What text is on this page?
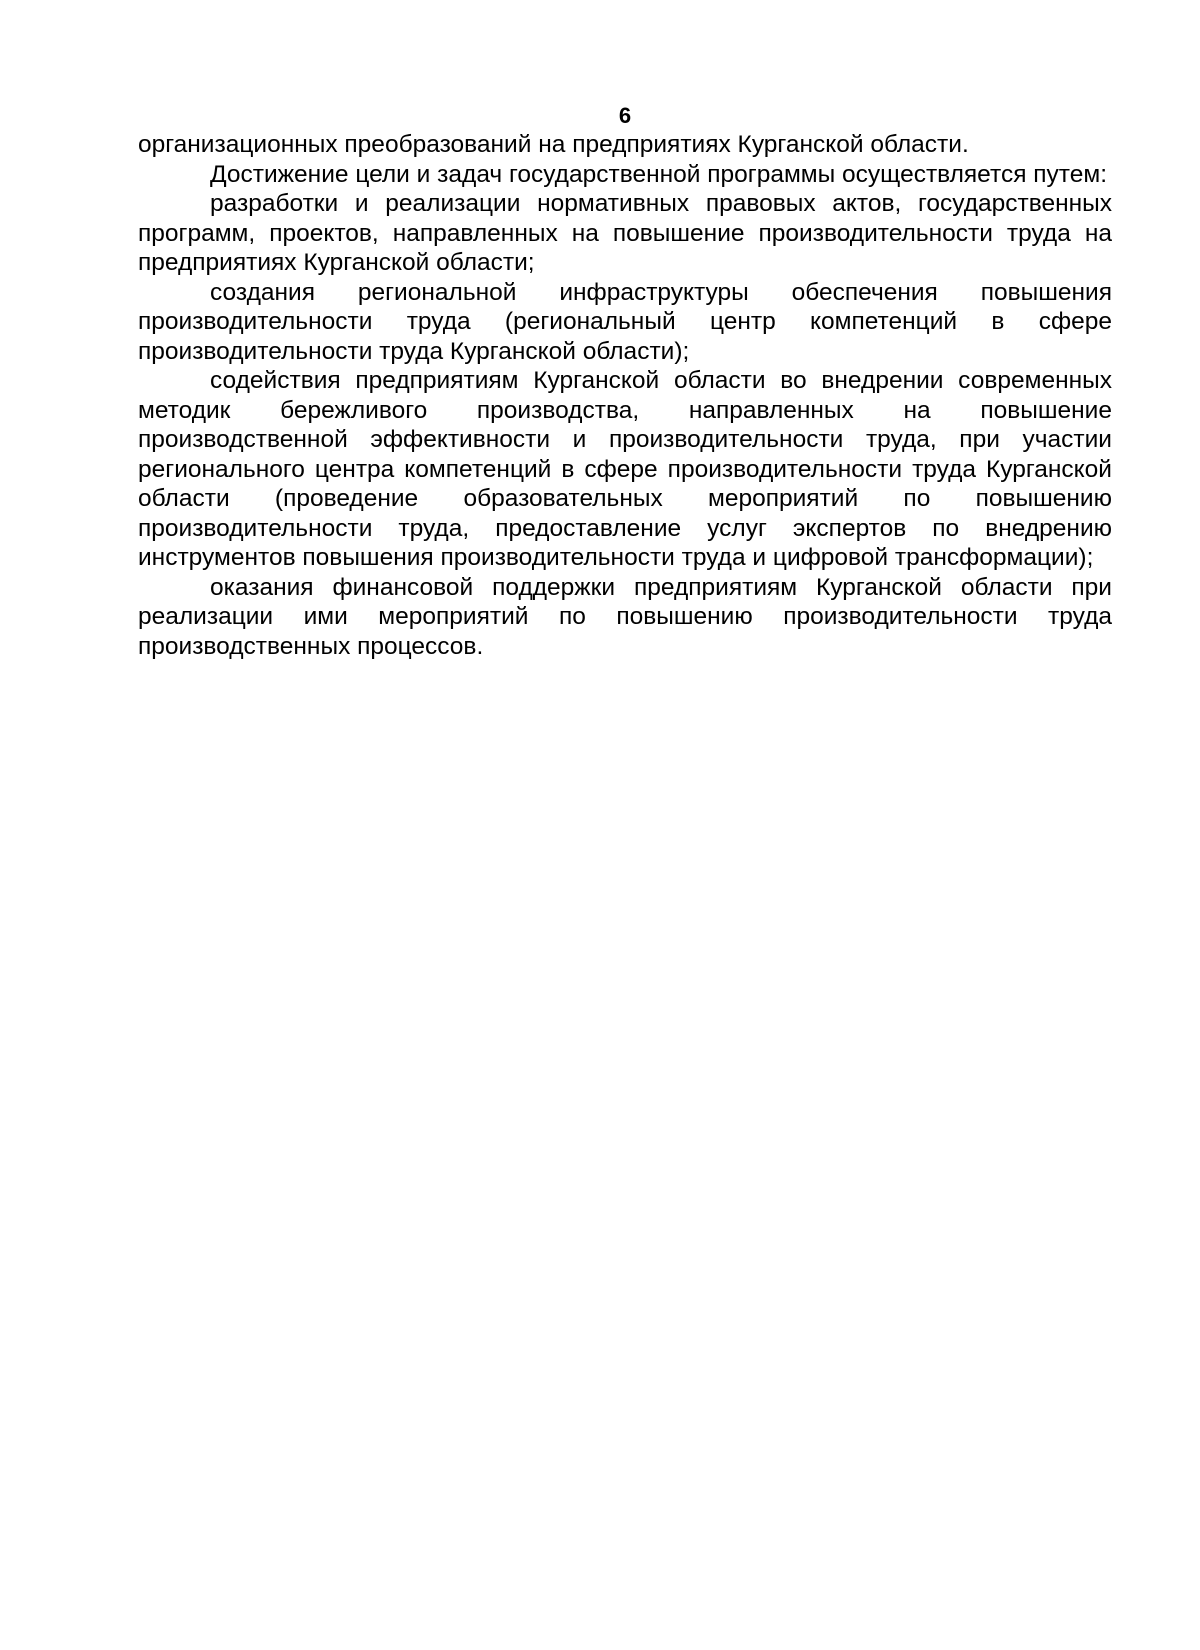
6

организационных преобразований на предприятиях Курганской области.

Достижение цели и задач государственной программы осуществляется путем:

разработки и реализации нормативных правовых актов, государственных программ, проектов, направленных на повышение производительности труда на предприятиях Курганской области;

создания региональной инфраструктуры обеспечения повышения производительности труда (региональный центр компетенций в сфере производительности труда Курганской области);

содействия предприятиям Курганской области во внедрении современных методик бережливого производства, направленных на повышение производственной эффективности и производительности труда, при участии регионального центра компетенций в сфере производительности труда Курганской области (проведение образовательных мероприятий по повышению производительности труда, предоставление услуг экспертов по внедрению инструментов повышения производительности труда и цифровой трансформации);

оказания финансовой поддержки предприятиям Курганской области при реализации ими мероприятий по повышению производительности труда производственных процессов.
